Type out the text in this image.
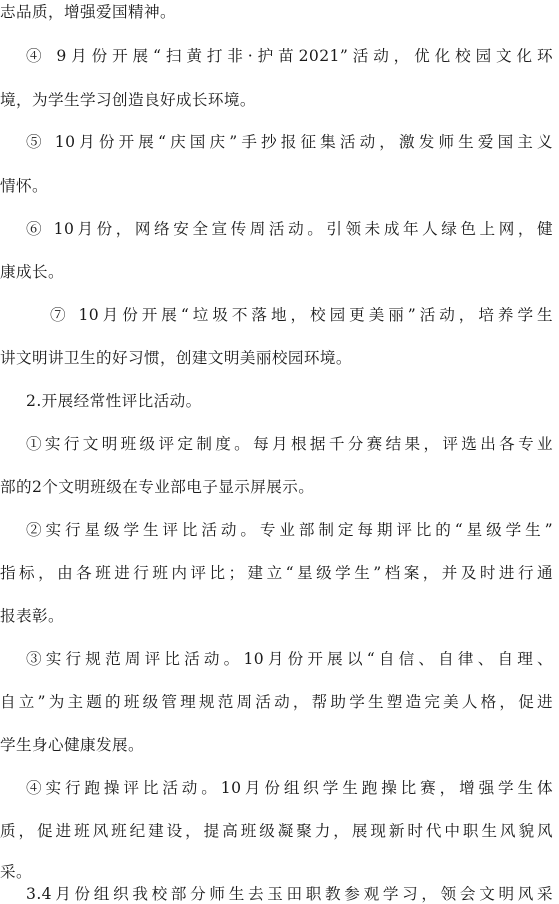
志品质，增强爱国精神。
④ 9月份开展“扫黄打非·护苗2021”活动，优化校园文化环
境，为学生学习创造良好成长环境。
⑤ 10月份开展“庆国庆”手抄报征集活动，激发师生爱国主义
情怀。
⑥ 10月份，网络安全宣传周活动。引领未成年人绿色上网，健
康成长。
⑦ 10月份开展“垃圾不落地，校园更美丽”活动，培养学生
讲文明讲卫生的好习惯，创建文明美丽校园环境。
2.开展经常性评比活动。
①实行文明班级评定制度。每月根据千分赛结果，评选出各专业
部的2个文明班级在专业部电子显示屏展示。
②实行星级学生评比活动。专业部制定每期评比的“星级学生”
指标，由各班进行班内评比；建立“星级学生”档案，并及时进行通
报表彰。
③实行规范周评比活动。10月份开展以“自信、自律、自理、
自立”为主题的班级管理规范周活动，帮助学生塑造完美人格，促进
学生身心健康发展。
④实行跑操评比活动。10月份组织学生跑操比赛，增强学生体
质，促进班风班纪建设，提高班级凝聚力，展现新时代中职生风貌风
采。
3.4月份组织我校部分师生去玉田职教参观学习，领会文明风采
